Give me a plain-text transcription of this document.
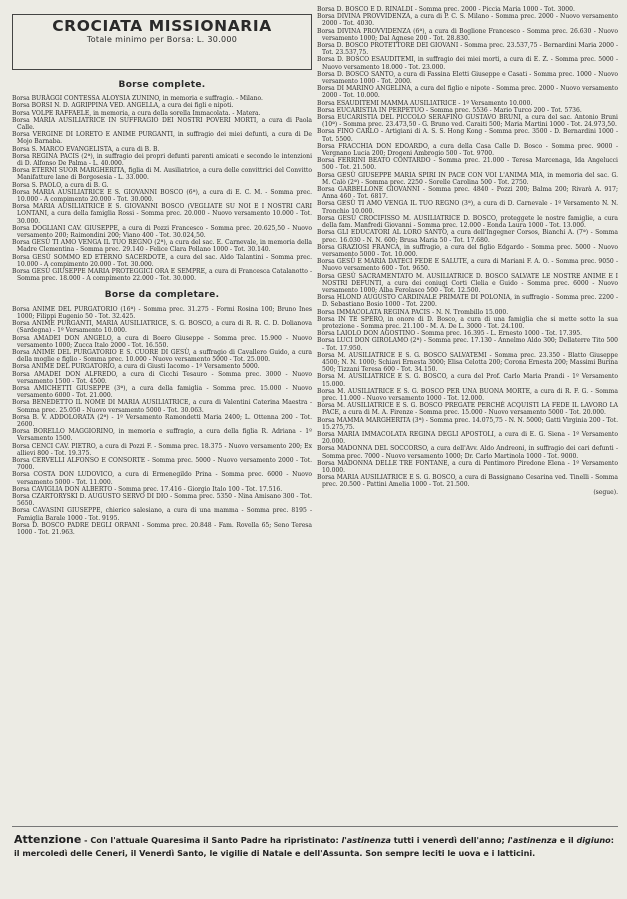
CROCIATA MISSIONARIA
Totale minimo per Borsa: L. 30.000
Borse complete.

Borsa BURÀGGI CONTESSA ALOYSIA ZUNINO, in memoria e suffragio. - Milano.

Borsa BORSI N. D. AGRIPPINA VED. ANGELLA, a cura dei figli e nipoti.

Borsa VOLPE RAFFAELE, in memoria, a cura della sorella Immacolata. - Matera.

Borsa MARIA AUSILIATRICE IN SUFFRAGIO DEI NOSTRI POVERI MORTI, a cura di Paola Calle.

Borsa VERGINE DI LORETO E ANIME PURGANTI, in suffragio dei miei defunti, a cura di De Mojo Barnaba.

Borsa S. MARCO EVANGELISTA, a cura di B. B.

Borsa REGINA PACIS (2ª), in suffragio dei propri defunti parenti amicati e secondo le intenzioni di D. Alfonso De Palma - L. 40.000.

Borsa ETERNI SUOR MARGHERITA, figlia di M. Ausiliatrice, a cura delle convittrici del Convitto Manifatture lane di Borgosesia - L. 33.000.

Borsa S. PAOLO, a cura di B. G.

Borsa MARIA AUSILIATRICE E S. GIOVANNI BOSCO (6ª), a cura di E. C. M. - Somma prec. 10.000 - A compimento 20.000 - Tot. 30.000.

Borsa MARIA AUSILIATRICE E S. GIOVANNI BOSCO (VEGLIATE SU NOI E I NOSTRI CARI LONTANI, a cura della famiglia Rossi - Somma prec. 20.000 - Nuovo versamento 10.000 - Tot. 30.000.

Borsa DOGLIANI CAV. GIUSEPPE, a cura di Pozzi Francesco - Somma prec. 20.625,50 - Nuovo versamento 200; Raimondini 200; Viano 400 - Tot. 30.024,50.

Borsa GESÙ TI AMO VENGA IL TUO REGNO (2ª), a cura del sac. E. Carnevale, in memoria della Madre Clementina - Somma prec. 29.140 - Felice Clara Pollano 1000 - Tot. 30.140.

Borsa GESÙ SOMMO ED ETERNO SACERDOTE, a cura del sac. Aldo Talantini - Somma prec. 10.000 - A compimento 20.000 - Tot. 30.000.

Borsa GESÙ GIUSEPPE MARIA PROTEGGICI ORA E SEMPRE, a cura di Francesca Catalanotto - Somma prec. 18.000 - A compimento 22.000 - Tot. 30.000.

Borse da completare.

Borsa ANIME DEL PURGATORIO (16ª) - Somma prec. 31.275 - Formi Rosina 100; Bruno Ines 1000; Filippi Eugenio 50 - Tot. 32.425.

Borsa ANIME PURGANTI, MARIA AUSILIATRICE, S. G. BOSCO, a cura di R. R. C. D. Dolianova (Sardegna) - 1º Versamento 10.000.

Borsa AMADEI DON ANGELO, a cura di Boero Giuseppe - Somma prec. 15.900 - Nuovo versamento 1000; Zucca Italo 2000 - Tot. 16.550.

Borsa ANIME DEL PURGATORIO E S. CUORE DI GESÙ, a suffragio di Cavallero Guido, a cura della moglie e figlio - Somma prec. 10.000 - Nuovo versamento 5000 - Tot. 25.000.

Borsa ANIME DEL PURGATORIO, a cura di Giusti Iacomo - 1º Versamento 5000.

Borsa AMADEI DON ALFREDO, a cura di Cicchi Tesauro - Somma prec. 3000 - Nuovo versamento 1500 - Tot. 4500.

Borsa AMICHETTI GIUSEPPE (3ª), a cura della famiglia - Somma prec. 15.000 - Nuovo versamento 6000 - Tot. 21.000.

Borsa BENEDETTO IL NOME DI MARIA AUSILIATRICE, a cura di Valentini Caterina Maestra - Somma prec. 25.050 - Nuovo versamento 5000 - Tot. 30.063.

Borsa B. V. ADDOLORATA (2ª) - 1º Versamento Ramondetti Maria 2400; L. Ottenna 200 - Tot. 2600.

Borsa BORELLO MAGGIORINO, in memoria e suffragio, a cura della figlia R. Adriana - 1º Versamento 1500.

Borsa CENCI CAV. PIETRO, a cura di Pozzi F. - Somma prec. 18.375 - Nuovo versamento 200; Ex allievi 800 - Tot. 19.375.

Borsa CERVELLI ALFONSO E CONSORTE - Somma prec. 5000 - Nuovo versamento 2000 - Tot. 7000.

Borsa COSTA DON LUDOVICO, a cura di Ermenegildo Prina - Somma prec. 6000 - Nuovo versamento 5000 - Tot. 11.000.

Borsa CAVIGLIA DON ALBERTO - Somma prec. 17.416 - Giorgio Italo 100 - Tot. 17.516.

Borsa CZARTORYSKI D. AUGUSTO SERVO DI DIO - Somma prec. 5350 - Nina Amisano 300 - Tot. 5650.

Borsa CAVASINI GIUSEPPE, chierico salesiano, a cura di una mamma - Somma prec. 8195 - Famiglia Barale 1000 - Tot. 9195.

Borsa D. BOSCO PADRE DEGLI ORFANI - Somma prec. 20.848 - Fam. Rovella 65; Seno Teresa 1000 - Tot. 21.963.

Borsa D. BOSCO E D. RINALDI - Somma prec. 2000 - Piccia Maria 1000 - Tot. 3000.

Borsa DIVINA PROVVIDENZA, a cura di P. C. S. Milano - Somma prec. 2000 - Nuovo versamento 2000 - Tot. 4030.

Borsa DIVINA PROVVIDENZA (6ª), a cura di Boglione Francesco - Somma prec. 26.630 - Nuovo versamento 1000; Dal Agnese 200 - Tot. 28.830.

Borsa D. BOSCO PROTETTORE DEI GIOVANI - Somma prec. 23.537,75 - Bernardini Maria 2000 - Tot. 23.537,75.

Borsa D. BOSCO ESAUDITEMI, in suffragio dei miei morti, a cura di E. Z. - Somma prec. 5000 - Nuovo versamento 18.000 - Tot. 23.000.

Borsa D. BOSCO SANTO, a cura di Fassina Eletti Giuseppe e Casati - Somma prec. 1000 - Nuovo versamento 1000 - Tot. 2000.

Borsa DI MARINO ANGELINA, a cura del figlio e nipote - Somma prec. 2000 - Nuovo versamento 2000 - Tot. 10.000.

Borsa ESAUDITEMI MAMMA AUSILIATRICE - 1º Versamento 10.000.

Borsa EUCARISTIA IN PERPETUO - Somma prec. 5536 - Mario Turco 200 - Tot. 5736.

Borsa EUCARISTIA DEL PICCOLO SERAFINO GUSTAVO BRUNI, a cura del sac. Antonio Bruni (10ª) - Somma prec. 23.473,50 - G. Bruno ved. Caraiti 500; Maria Martini 1000 - Tot. 24.973,50.

Borsa FINO CARLO - Artigiani di A. S. S. Hong Kong - Somma prec. 3500 - D. Bernardini 1000 - Tot. 5500.

Borsa FRACCHIA DON EDOARDO, a cura della Casa Calle D. Bosco - Somma prec. 9000 - Vergnano Lucia 200; Drogeni Ambrogio 500 - Tot. 9700.

Borsa FERRINI BEATO CONTARDO - Somma prec. 21.000 - Teresa Marcenaga, Ida Angelucci 500 - Tot. 21.500.

Borsa GESÙ GIUSEPPE MARIA SPIRI IN PACE CON VOI L'ANIMA MIA, in memoria del sac. G. M. Calò (2ª) - Somma prec. 2250 - Sorelle Carolina 500 - Tot. 2750.

Borsa GARBELLONE GIOVANNI - Somma prec. 4840 - Pozzi 200; Balma 200; Rivarà A. 917; Anna 460 - Tot. 6817.

Borsa GESÙ TI AMO VENGA IL TUO REGNO (3ª), a cura di D. Carnevale - 1º Versamento N. N. Tronchio 10.000.

Borsa GESÙ CROCIFISSO M. AUSILIATRICE D. BOSCO, proteggete le nostre famiglie, a cura della fam. Manfredi Giovanni - Somma prec. 12.000 - Eonda Laura 1000 - Tot. 13.000.

Borsa GLI EDUCATORI AL LORO SANTO, a cura dell'Ingegner Corsos, Bianchi A. (7ª) - Somma prec. 16.030 - N. N. 600; Brusa Maria 50 - Tot. 17.680.

Borsa GRAZIOSI FRANCA, in suffragio, a cura del figlio Edgardo - Somma prec. 5000 - Nuovo versamento 5000 - Tot. 10.000.

Borsa GESÙ E MARIA DATECI FEDE E SALUTE, a cura di Mariani F. A. O. - Somma prec. 9050 - Nuovo versamento 600 - Tot. 9650.

Borsa GESÙ SACRAMENTATO M. AUSILIATRICE D. BOSCO SALVATE LE NOSTRE ANIME E I NOSTRI DEFUNTI, a cura dei coniugi Corti Clelia e Guido - Somma prec. 6000 - Nuovo versamento 1000; Alba Ferolasco 500 - Tot. 12.500.

Borsa HLOND AUGUSTO CARDINALE PRIMATE DI POLONIA, in suffragio - Somma prec. 2200 - D. Sebastiano Bosio 1000 - Tot. 2200.

Borsa IMMACOLATA REGINA PACIS - N. N. Trombillo 15.000.

Borsa IN TE SPERO, in onore di D. Bosco, a cura di una famiglia che si mette sotto la sua protezione - Somma prec. 21.100 - M. A. De L. 3000 - Tot. 24.100.

Borsa LAIOLO DON AGOSTINO - Somma prec. 16.395 - L. Ernesto 1000 - Tot. 17.395.

Borsa LUCI DON GIROLAMO (2ª) - Somma prec. 17.130 - Annelmo Aldo 300; Dellaterre Tito 500 - Tot. 17.950.

Borsa M. AUSILIATRICE E S. G. BOSCO SALVATEMI - Somma prec. 23.350 - Blatto Giuseppe 4500; N. N. 1000; Schiavi Ernesta 3000; Elisa Celotta 200; Corona Ernesta 200; Massimi Burina 500; Tizzani Teresa 600 - Tot. 34.150.

Borsa M. AUSILIATRICE E S. G. BOSCO, a cura del Prof. Carlo Maria Prandi - 1º Versamento 15.000.

Borsa M. AUSILIATRICE E S. G. BOSCO PER UNA BUONA MORTE, a cura di R. F. G. - Somma prec. 11.000 - Nuovo versamento 1000 - Tot. 12.000.

Borsa M. AUSILIATRICE E S. G. BOSCO PREGATE PERCHÉ ACQUISTI LA FEDE IL LAVORO LA PACE, a cura di M. A. Firenze - Somma prec. 15.000 - Nuovo versamento 5000 - Tot. 20.000.

Borsa MAMMA MARGHERITA (3ª) - Somma prec. 14.075,75 - N. N. 5000; Gatti Virginia 200 - Tot. 15.275,75.

Borsa MARIA IMMACOLATA REGINA DEGLI APOSTOLI, a cura di E. G. Siena - 1º Versamento 20.000.

Borsa MADONNA DEL SOCCORSO, a cura dell'Avv. Aldo Andreoni, in suffragio dei cari defunti - Somma prec. 7000 - Nuovo versamento 1000; Dr. Carlo Martinola 1000 - Tot. 9000.

Borsa MADONNA DELLE TRE FONTANE, a cura di Pentimoro Piredone Elena - 1º Versamento 10.000.

Borsa MARIA AUSILIATRICE E S. G. BOSCO, a cura di Bassignano Cesarina ved. Tinelli - Somma prec. 20.500 - Pattini Amelia 1000 - Tot. 21.500.

(segue).
Attenzione - Con l'attuale Quaresima il Santo Padre ha ripristinato: l'astinenza tutti i venerdì dell'anno; l'astinenza e il digiuno: il mercoledì delle Ceneri, il Venerdì Santo, le vigilie di Natale e dell'Assunta. Son sempre leciti le uova e i latticini.
